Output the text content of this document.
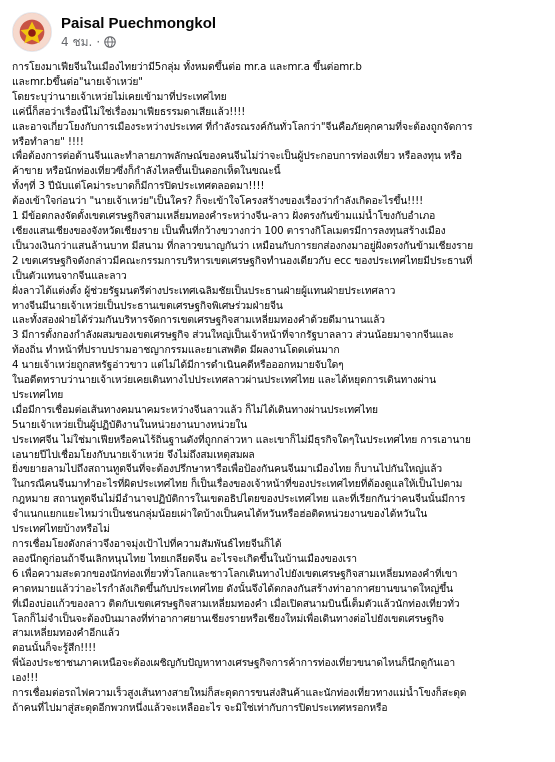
Paisal Puechmongkol
4 ชม. ·
การโยงมาเฟียจีนในเมืองไทยว่ามี5กลุ่ม ทั้งหมดขึ้นต่อ mr.a และmr.a ขึ้นต่อmr.b
และmr.bขึ้นต่อ"นายเจ้าเหว่ย"
โดยระบุว่านายเจ้าเหว่ยไม่เคยเข้ามาที่ประเทศไทย
แค่นี้ก็สอว่าเรื่องนี้ไม่ใช่เรื่องมาเฟียธรรมดาเสียแล้ว!!!!
และอาจเกี่ยวโยงกับการเมืองระหว่างประเทศ ที่กำลังรณรงค์กันทั่วโลกว่า"จีนคือภัยคุกคามที่จะต้องถูกจัดการ
หรือทำลาย" !!!!
เพื่อต้องการต่อต้านจีนและทำลายภาพลักษณ์ของคนจีนไม่ว่าจะเป็นผู้ประกอบการท่องเที่ยว หรือลงทุน หรือ
ค้าขาย หรือนักท่องเที่ยวซึ่งก็กำลังไหลขึ้นเป็นดอกเห็ดในขณะนี้
ทั้งๆที่ 3 ปีนับแต่โคม่าระบาดก็มีการปิดประเทศตลอดมา!!!!
ต้องเข้าใจก่อนว่า "นายเจ้าเหว่ย"เป็นใคร? ก็จะเข้าใจโครงสร้างของเรื่องว่ากำลังเกิดอะไรขึ้น!!!!
1 มีข้อตกลงจัดตั้งเขตเศรษฐกิจสามเหลี่ยมทองคำระหว่างจีน-ลาว ฝั่งตรงกันข้ามแม่น้ำโขงกับอำเภอ
เชียงแสนเชียงของจังหวัดเชียงราย เป็นพื้นที่กว้างขวางกว่า 100 ตารางกิโลเมตรมีการลงทุนสร้างเมือง
เป็นวงเงินกว่าแสนล้านบาท มีสนาม ที่กลาวขนาญกันว่า เหมือนกับการยกส่องกงมาอยู่ฝั่งตรงกันข้ามเชียงราย
2 เขตเศรษฐกิจดังกล่าวมีคณะกรรมการบริหารเขตเศรษฐกิจทำนองเดียวกับ ecc ของประเทศไทยมีประธานที่
เป็นตัวแทนจากจีนและลาว
ฝั่งลาวได้แต่งตั้ง ผู้ช่วยรัฐมนตรีต่างประเทศเฉลิมชัยเป็นประธานฝ่ายผู้แทนฝ่ายประเทศลาว
ทางจีนมีนายเจ้าเหว่ยเป็นประธานเขตเศรษฐกิจพิเศษร่วมฝ่ายจีน
และทั้งสองฝ่ายได้ร่วมกันบริหารจัดการเขตเศรษฐกิจสามเหลี่ยมทองคำด้วยดีมานานแล้ว
3 มีการตั้งกองกำลังผสมของเขตเศรษฐกิจ ส่วนใหญ่เป็นเจ้าหน้าที่จากรัฐบาลลาว ส่วนน้อยมาจากจีนและ
ท้องถิ่น ทำหน้าที่ปราบปรามอาชญากรรมและยาเสพติด มีผลงานโดดเด่นมาก
4 นายเจ้าเหว่ยถูกสหรัฐอ่าวขาว แต่ไม่ได้มีการดำเนินคดีหรือออกหมายจับใดๆ
ในอดีตทราบว่านายเจ้าเหว่ยเคยเดินทางไปประเทศลาวผ่านประเทศไทย และได้หยุดการเดินทางผ่าน
ประเทศไทย
เมื่อมีการเชื่อมต่อเส้นทางคมนาคมระหว่างจีนลาวแล้ว ก็ไม่ได้เดินทางผ่านประเทศไทย
5นายเจ้าเหว่ยเป็นผู้ปฏิบัติงานในหน่วยงานบางหน่วยใน
ประเทศจีน ไม่ใช่มาเฟียหรือคนไร้ถิ่นฐานดังที่ถูกกล่าวหา และเขาก็ไม่มีธุรกิจใดๆในประเทศไทย การเอานาย
เอนายปีไปเชื่อมโยงกับนายเจ้าเหว่ย จึงไม่ถึงสมเหตุสมผล
ยิ่งขยายลามไปถึงสถานทูตจีนที่จะต้องปรึกษาหารือเพื่อป้องกันคนจีนมาเมืองไทย ก็บานไปกันใหญ่แล้ว
ในกรณีคนจีนมาทำอะไรที่ผิดประเทศไทย ก็เป็นเรื่องของเจ้าหน้าที่ของประเทศไทยที่ต้องดูแลให้เป็นไปตาม
กฎหมาย สถานทูตจีนไม่มีอำนาจปฏิบัติการในเขตอธิปไตยของประเทศไทย และที่เรียกกันว่าคนจีนนั้นมีการ
จำแนกแยกแยะไหมว่าเป็นชนกลุ่มน้อยเผ่าใดบ้างเป็นคนได้หวันหรือฮ่อติดหน่วยงานของได้หวันใน
ประเทศไทยบ้างหรือไม่
การเชื่อมโยงดังกล่าวจึงอาจมุ่งเป้าไปที่ความสัมพันธ์ไทยจีนก็ได้
ลองนึกดูก่อนถ้าจีนเลิกหนุนไทย ไทยเกลียดจีน อะไรจะเกิดขึ้นในบ้านเมืองของเรา
6 เพื่อความสะดวกของนักท่องเที่ยวทั่วโลกและชาวโลกเดินทางไปยังเขตเศรษฐกิจสามเหลี่ยมทองคำที่เขา
คาดหมายแล้วว่าอะไรกำลังเกิดขึ้นกับประเทศไทย ดังนั้นจึงได้ตกลงกันสร้างท่าอากาศยานขนาดใหญ่ขึ้น
ที่เมืองบ่อแก้วของลาว ติดกับเขตเศรษฐกิจสามเหลี่ยมทองคำ เมื่อเปิดสนามบินนี้เต็มตัวแล้วนักท่องเที่ยวทั่ว
โลกก็ไม่จำเป็นจะต้องบินมาลงที่ท่าอากาศยานเชียงรายหรือเชียงใหม่เพื่อเดินทางต่อไปยังเขตเศรษฐกิจ
สามเหลี่ยมทองคำอีกแล้ว
ตอนนั้นก็จะรู้สึก!!!!
พี่น้องประชาชนภาคเหนือจะต้องเผชิญกับปัญหาทางเศรษฐกิจการค้าการท่องเที่ยวขนาดไหนก็นึกดูกันเอา
เอง!!!
การเชื่อมต่อรถไฟความเร็วสูงเส้นทางสายใหม่ก็สะดุดการขนส่งสินค้าและนักท่องเที่ยวทางแม่น้ำโขงก็สะดุด
ถ้าคนที่ไปมาสู่สะดุดอีกพวกหนึ่งแล้วจะเหลืออะไร จะมิใช่เท่ากับการปิดประเทศหรอกหรือ
